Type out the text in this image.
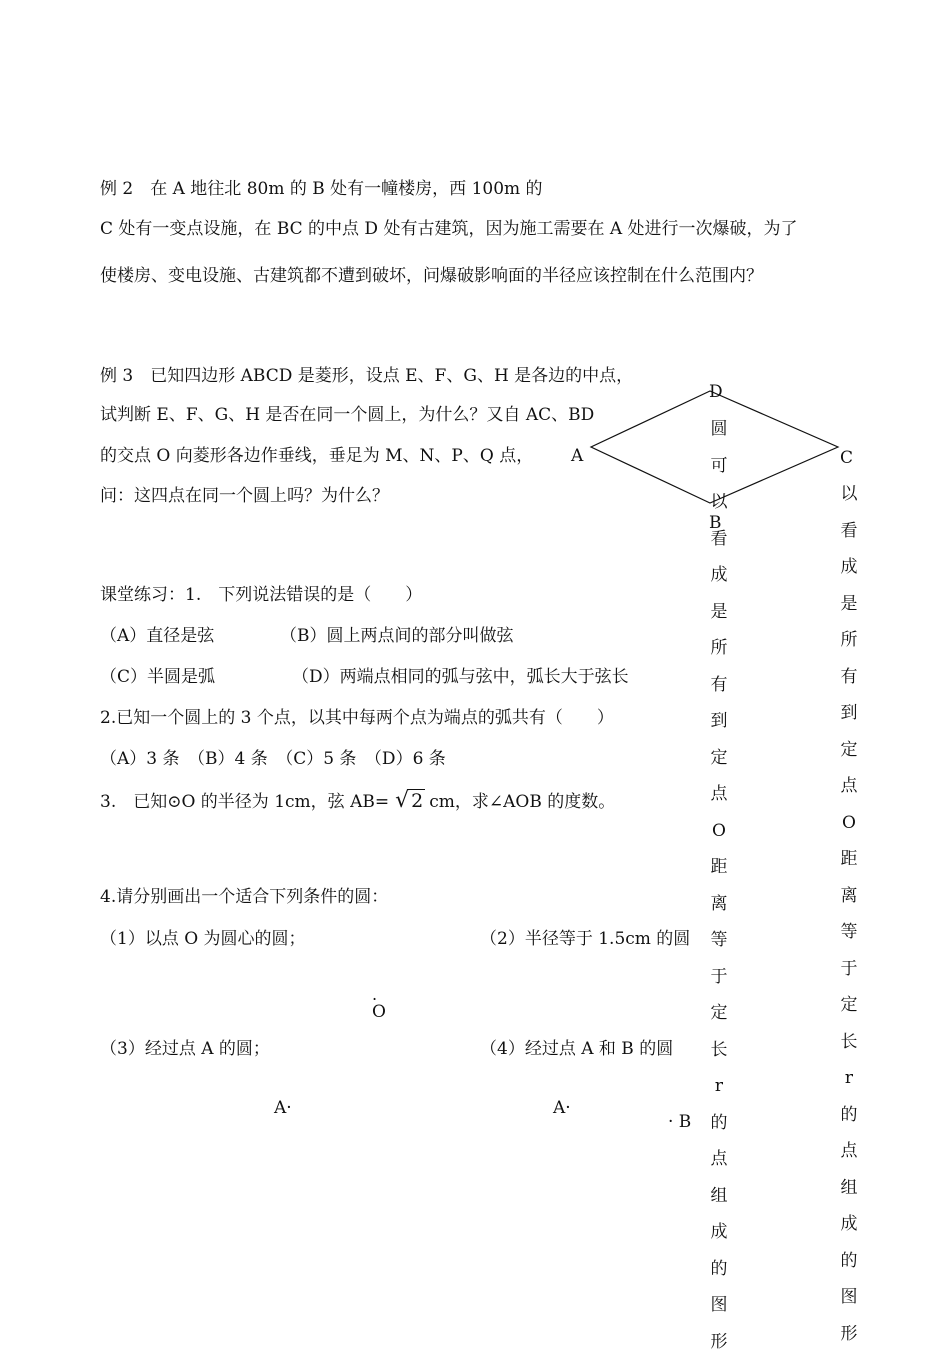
例 2　在 A 地往北 80m 的 B 处有一幢楼房，西 100m 的
C 处有一变点设施，在 BC 的中点 D 处有古建筑，因为施工需要在 A 处进行一次爆破，为了
使楼房、变电设施、古建筑都不遭到破坏，问爆破影响面的半径应该控制在什么范围内？
例 3　已知四边形 ABCD 是菱形，设点 E、F、G、H 是各边的中点，
试判断 E、F、G、H 是否在同一个圆上，为什么？又自 AC、BD
的交点 O 向菱形各边作垂线，垂足为 M、N、P、Q 点，
问：这四点在同一个圆上吗？为什么？
A
D
C
B
圆
可
以
看
成
是
所
有
到
定
点
O
距
离
等
于
定
长
r
的
点
组
成
的
图
形
以
看
成
是
所
有
到
定
点
O
距
离
等
于
定
长
r
的
点
组
成
的
图
形
课堂练习：1.　下列说法错误的是（　　）
（A）直径是弦	（B）圆上两点间的部分叫做弦
（C）半圆是弧	（D）两端点相同的弧与弦中，弧长大于弦长
2.已知一个圆上的 3 个点，以其中每两个点为端点的弧共有（　　）
（A）3 条　（B）4 条　（C）5 条　（D）6 条
3.　已知⊙O 的半径为 1cm，弦 AB= √ 2 cm，求∠AOB 的度数。
4.请分别画出一个适合下列条件的圆：
（1）以点 O 为圆心的圆；	（2）半径等于 1.5cm 的圆
.
O
（3）经过点 A 的圆；	（4）经过点 A 和 B 的圆
A·	A·
· B
